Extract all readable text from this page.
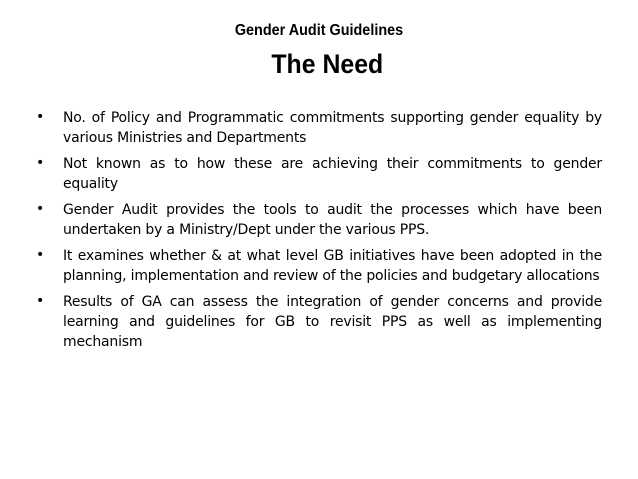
Gender Audit Guidelines
The Need
• No. of Policy and Programmatic commitments supporting gender equality by various Ministries and Departments
• Not known as to how these are achieving their commitments to gender equality
• Gender Audit provides the tools to audit the processes which have been undertaken by a Ministry/Dept under the various PPS.
• It examines whether & at what level GB initiatives have been adopted in the planning, implementation and review of the policies and budgetary allocations
• Results of GA can assess the integration of gender concerns and provide learning and guidelines for GB to revisit PPS as well as implementing mechanism
